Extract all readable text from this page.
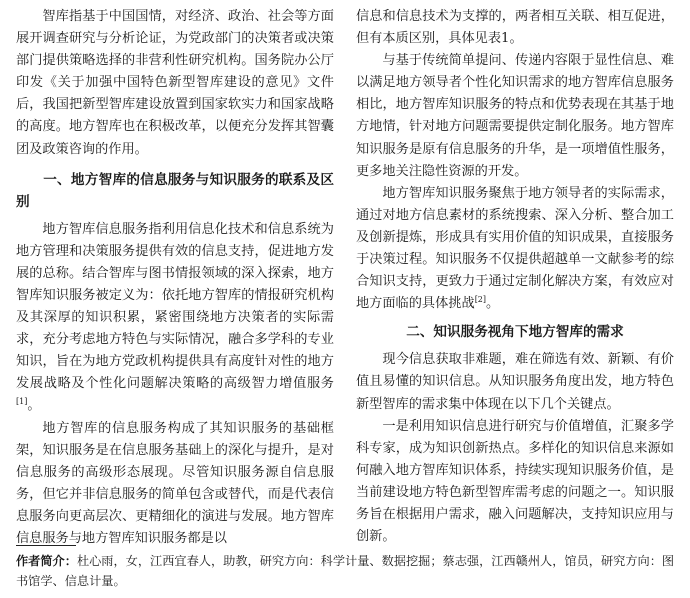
智库指基于中国国情，对经济、政治、社会等方面展开调查研究与分析论证，为党政部门的决策者或决策部门提供策略选择的非营利性研究机构。国务院办公厅印发《关于加强中国特色新型智库建设的意见》文件后，我国把新型智库建设放置到国家软实力和国家战略的高度。地方智库也在积极改革，以便充分发挥其智囊团及政策咨询的作用。

一、地方智库的信息服务与知识服务的联系及区别

地方智库信息服务指利用信息化技术和信息系统为地方管理和决策服务提供有效的信息支持，促进地方发展的总称。结合智库与图书情报领域的深入探索，地方智库知识服务被定义为：依托地方智库的情报研究机构及其深厚的知识积累，紧密围绕地方决策者的实际需求，充分考虑地方特色与实际情况，融合多学科的专业知识，旨在为地方党政机构提供具有高度针对性的地方发展战略及个性化问题解决策略的高级智力增值服务[1]。

地方智库的信息服务构成了其知识服务的基础框架，知识服务是在信息服务基础上的深化与提升，是对信息服务的高级形态展现。尽管知识服务源自信息服务，但它并非信息服务的简单包含或替代，而是代表信息服务向更高层次、更精细化的演进与发展。地方智库信息服务与地方智库知识服务都是以

信息和信息技术为支撑的，两者相互关联、相互促进，但有本质区别，具体见表1。

与基于传统简单提问、传递内容限于显性信息、难以满足地方领导者个性化知识需求的地方智库信息服务相比，地方智库知识服务的特点和优势表现在其基于地方地情，针对地方问题需要提供定制化服务。地方智库知识服务是原有信息服务的升华，是一项增值性服务，更多地关注隐性资源的开发。

地方智库知识服务聚焦于地方领导者的实际需求，通过对地方信息素材的系统搜索、深入分析、整合加工及创新提炼，形成具有实用价值的知识成果，直接服务于决策过程。知识服务不仅提供超越单一文献参考的综合知识支持，更致力于通过定制化解决方案，有效应对地方面临的具体挑战[2]。

二、知识服务视角下地方智库的需求

现今信息获取非难题，难在筛选有效、新颖、有价值且易懂的知识信息。从知识服务角度出发，地方特色新型智库的需求集中体现在以下几个关键点。

一是利用知识信息进行研究与价值增值，汇聚多学科专家，成为知识创新热点。多样化的知识信息来源如何融入地方智库知识体系，持续实现知识服务价值，是当前建设地方特色新型智库需考虑的问题之一。知识服务旨在根据用户需求，融入问题解决，支持知识应用与创新。

作者简介：杜心雨，女，江西宜春人，助教，研究方向：科学计量、数据挖掘；蔡志强，江西赣州人，馆员，研究方向：图书馆学、信息计量。
